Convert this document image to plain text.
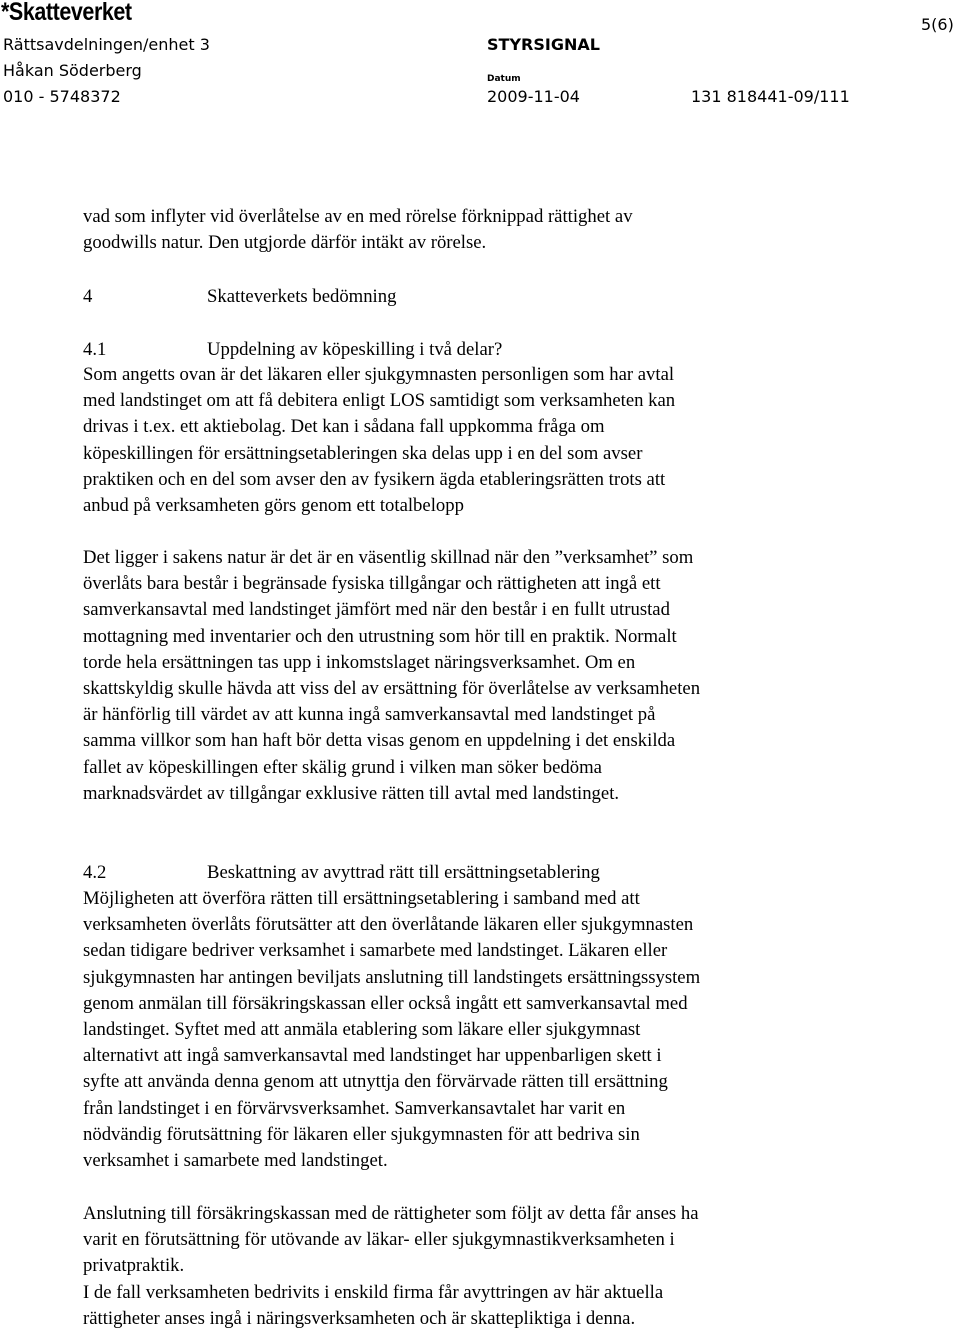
*Skatteverket
Rättsavdelningen/enhet 3
Håkan Söderberg
010 - 5748372
STYRSIGNAL
Datum
2009-11-04	131 818441-09/111
5(6)

vad som inflyter vid överlåtelse av en med rörelse förknippad rättighet av

goodwills natur. Den utgjorde därför intäkt av rörelse.

4	Skatteverkets bedömning
4.1	Uppdelning av köpeskilling i två delar?

Som angetts ovan är det läkaren eller sjukgymnasten personligen som har avtal

med landstinget om att få debitera enligt LOS samtidigt som verksamheten kan

drivas i t.ex. ett aktiebolag. Det kan i sådana fall uppkomma fråga om

köpeskillingen för ersättningsetableringen ska delas upp i en del som avser

praktiken och en del som avser den av fysikern ägda etableringsrätten trots att

anbud på verksamheten görs genom ett totalbelopp

Det ligger i sakens natur är det är en väsentlig skillnad när den ”verksamhet” som

överlåts bara består i begränsade fysiska tillgångar och rättigheten att ingå ett

samverkansavtal med landstinget jämfört med när den består i en fullt utrustad

mottagning med inventarier och den utrustning som hör till en praktik. Normalt

torde hela ersättningen tas upp i inkomstslaget näringsverksamhet. Om en

skattskyldig skulle hävda att viss del av ersättning för överlåtelse av verksamheten

är hänförlig till värdet av att kunna ingå samverkansavtal med landstinget på

samma villkor som han haft bör detta visas genom en uppdelning i det enskilda

fallet av köpeskillingen efter skälig grund i vilken man söker bedöma

marknadsvärdet av tillgångar exklusive rätten till avtal med landstinget.

4.2	Beskattning av avyttrad rätt till ersättningsetablering

Möjligheten att överföra rätten till ersättningsetablering i samband med att

verksamheten överlåts förutsätter att den överlåtande läkaren eller sjukgymnasten

sedan tidigare bedriver verksamhet i samarbete med landstinget. Läkaren eller

sjukgymnasten har antingen beviljats anslutning till landstingets ersättningssystem

genom anmälan till försäkringskassan eller också ingått ett samverkansavtal med

landstinget. Syftet med att anmäla etablering som läkare eller sjukgymnast

alternativt att ingå samverkansavtal med landstinget har uppenbarligen skett i

syfte att använda denna genom att utnyttja den förvärvade rätten till ersättning

från landstinget i en förvärvsverksamhet. Samverkansavtalet har varit en

nödvändig förutsättning för läkaren eller sjukgymnasten för att bedriva sin

verksamhet i samarbete med landstinget.

Anslutning till försäkringskassan med de rättigheter som följt av detta får anses ha

varit en förutsättning för utövande av läkar- eller sjukgymnastikverksamheten i

privatpraktik.

I de fall verksamheten bedrivits i enskild firma får avyttringen av här aktuella

rättigheter anses ingå i näringsverksamheten och är skattepliktiga i denna.
